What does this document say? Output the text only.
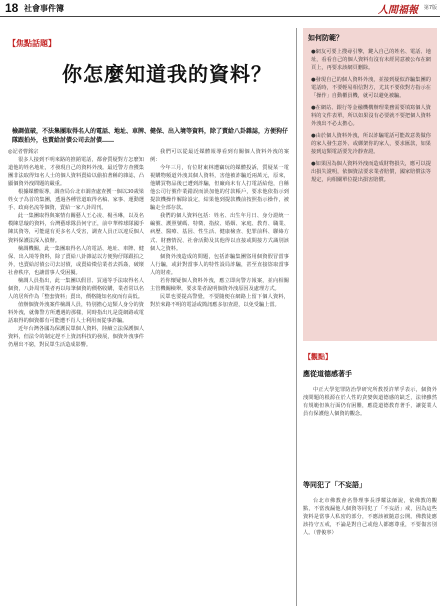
18 社會事件簿	人間福報 第7版
【焦點話題】
你怎麼知道我的資料？
檢調值破，不法集團取得名人的電話、地址、車牌、健保、出入境等資料，除了賣給八卦雜誌，方便狗仔隊跟拍外，也賣給討債公司去討債……

◎記者曹銘宗

很多人接到不明來路的推銷電話，都會質疑對方怎麼知道他的姓名地址，才發現自己的資料外洩。最近警方查獲集團非法取得知名人士的個人資料賣給以偷拍著稱的雜誌，凸顯個資外洩問題的嚴重。

根據媒體報導，調查局台北市調查處查獲一個以30歲梁姓女子為首的集團，透過各種管道取得名稿、家事、運動選手、政商名流等個資，賣給一家八卦周刊。

此一集團取得與案情有關藝人王心凌、楊丞琳，以及名模陳思璇的資料，台灣藝球隊員何守正，前中華棒球隊國手陳其資等，可能還有更多名人受害，調查人員正以違反個人資料保護法深入偵辦。

檢調機關，此一集團取得名人的電話、地址、車牌、健保、出入境等資料，除了賣給八卦雜誌以方便狗仔隊跟拍之外，也賣給討債公司去討債，或賣給徵信業者去抓姦，破壞社會秩序，也讓當事人受困擾。

檢調人員指出，此一集團以假冒、買通等手法取得名人個資，八卦周刊業者再以每筆個資的價格收購，業者常以名人的居所作為「整套資料」賣出，價格隨知名度而有高低。

值辦個資外洩案件檢調人員，特別擔心這類人身分的資料外洩，就像警方所遭遇的那樣，同時指出凡是從網路或電話取得的個資都有可能遭不肖人士利用而從事詐騙。

近年台灣各國為保護民眾個人資料，陸續立法保護個人資料，但法令的制定趕不上資訊科技的發展，個資外洩事件仍層出不窮，對民眾生活造成影響。

我們可以從最近媒體報導看到有關個人資料外洩的案例：

今年三月，有位財東林遭竊玩的媒體投訴，質疑某一電視購物頻道外洩其個人資料，害他被詐騙近兩萬元，原來，他購買物品後已遭到詐騙，但廠商未有人打電話給他，自稱他公司行號作業錯誤而誤加他的付款帳戶，要求他依指示到提款機操作解除設定，結果他到提款機前按照指示操作，被騙走全部存款。

我們的個人資料包括：姓名、出生年月日、身分證統一編號、護照號碼、特徵、指紋、婚姻、家庭、教育、職業、病歷、醫療、基因、性生活、健康檢查、犯罪前科、聯絡方式、財務情況、社會活動及其他得以直接或間接方式識別該個人之資料。

個資外洩造成的問題，包括詐騙集團盜用個資假冒當事人行騙，或針對當事人的特性設局詐騙，甚至直接盜取當事人的財產。

若你懷疑個人資料外洩，應立即向警方報案，並向相關主管機關檢舉，要求業者說明個資外洩原因及處理方式。

民眾也要提高警覺，不要隨便在網路上留下個人資料，對於來路不明的電話或簡訊應多加查證，以免受騙上當。

如何防範？
●網友可要上搜尋引擎，鍵入自己的姓名、電話、地址，看看自己的個人資料有沒有未經同意被公布在網頁上，再要求該網頁刪除。
●發現自己的個人資料外洩，並接到疑似詐騙集團的電話時，不要輕易相信對方，尤其不要依對方指示在「操作」自動櫃員機，就可以避免被騙。
●在網站、銀行等金融機構辦理業務需要填寫個人資料的文件表單，所以如果沒有必要就不要把個人資料外洩出不必太擔心。
●由於個人資料外洩，所以詐騙電話可能故意裝做你的家人發生意外、或綁架你的家人，要求匯款，如果接到這類電話要先冷靜查證。
●如果因為個人資料外洩而造成財物損失，應可以提出損失證明，依個資法要求業者賠償，國家賠償法等規定，向相關單位提出損害賠償。
【觀點】
應從道德感著手

中正大學犯罪防治學研究所教授許華孚表示，個資外洩問題的根源在於人性的貪婪與道德感的缺乏，法律雖然有規範但執行面仍有困難，應從道德教育著手，讓從業人員有保護他人個資的觀念。

等同犯了「不妄語」

台北市佛教會名譽理事長淨耀法師說，依佛教的觀點，不當洩漏他人個資等同犯了「不妄語」戒，因為這些資料是當事人私密的部分，不應該被隨意公開。佛教徒應該持守五戒，不論是對自己或他人都應尊重，不要傷害別人。（曹俊寧）
